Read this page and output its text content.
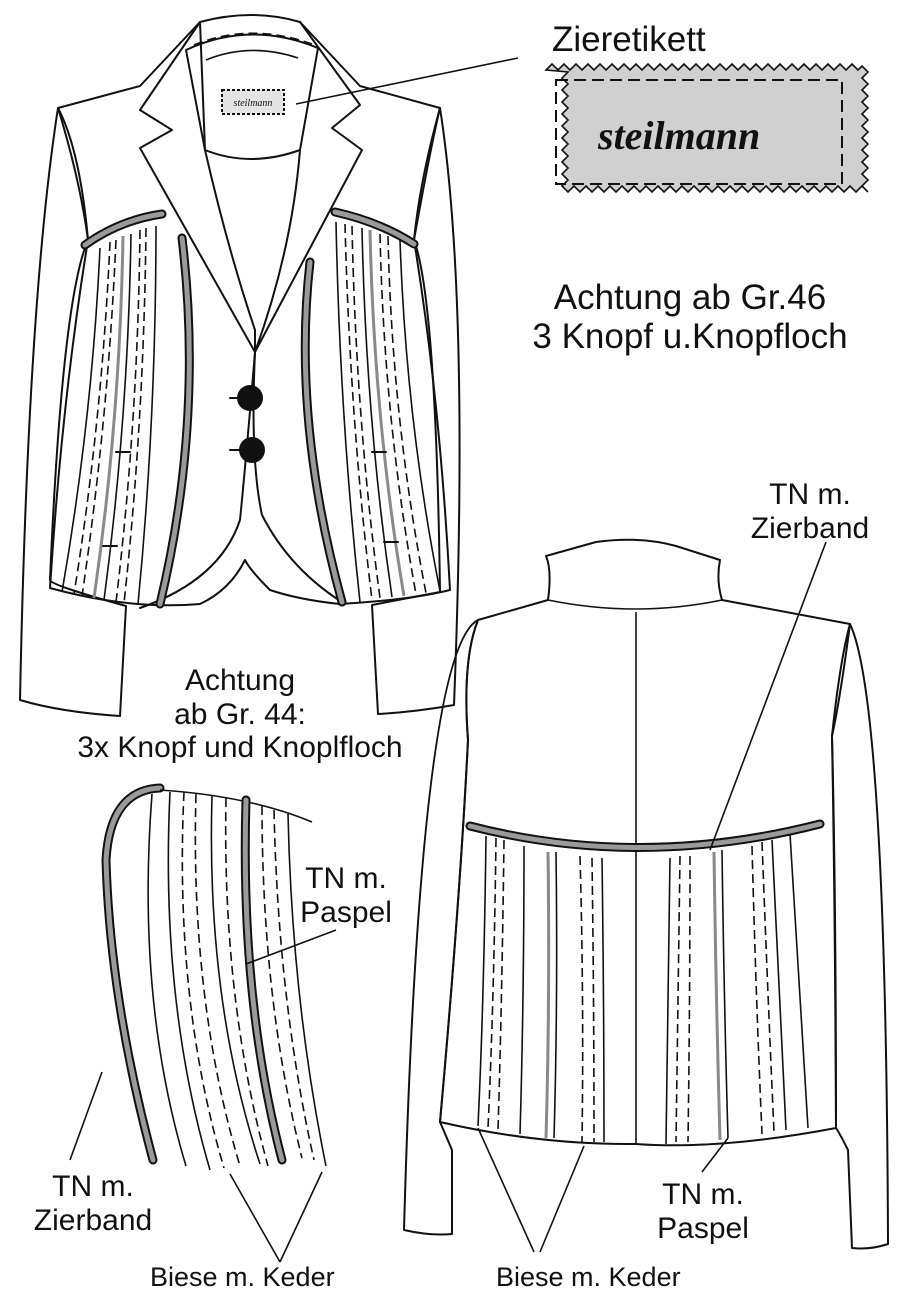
steilmann
Zieretikett
steilmann
Achtung ab Gr.46
3 Knopf u.Knopfloch
Achtung
ab Gr. 44:
3x Knopf und Knoplfloch
TN m.
Zierband
TN m.
Paspel
TN m.
Zierband
Biese m. Keder
TN m.
Paspel
Biese m. Keder
